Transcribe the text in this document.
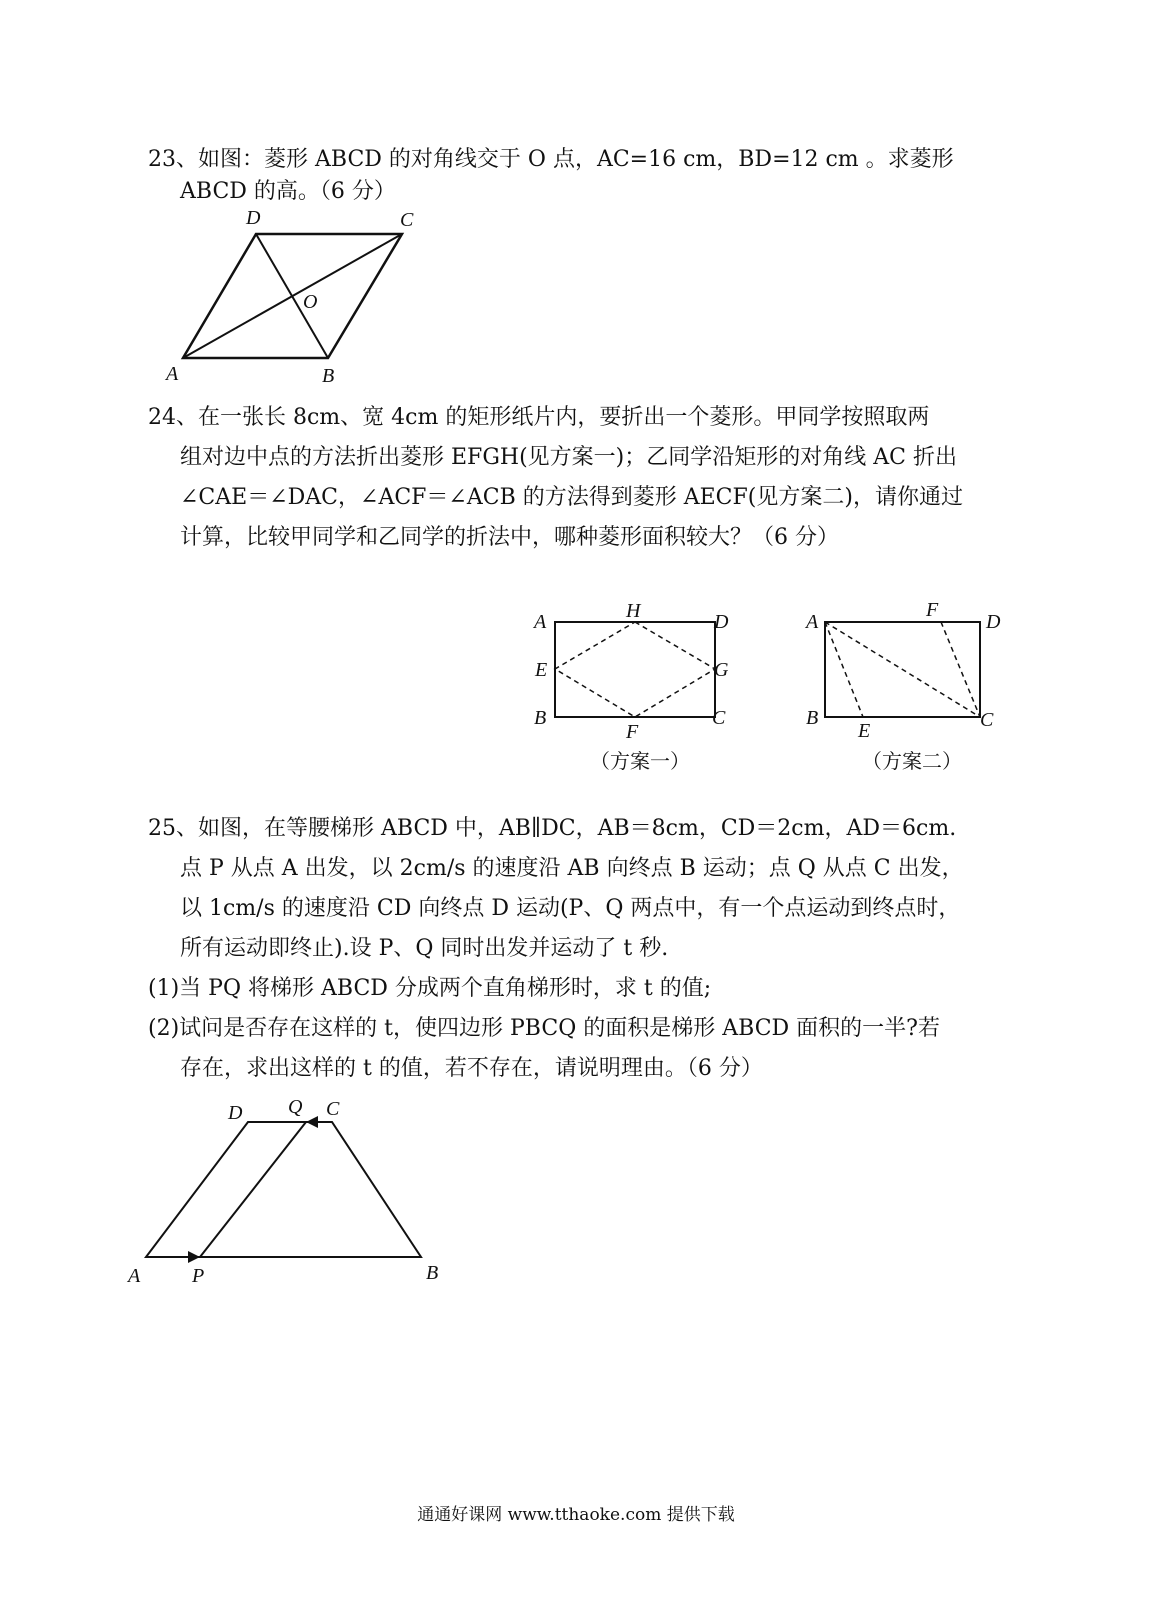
23、如图：菱形 ABCD 的对角线交于 O 点，AC=16 cm，BD=12 cm 。求菱形
ABCD 的高。（6 分）
A	B
C
D
O
24、在一张长 8cm、宽 4cm 的矩形纸片内，要折出一个菱形。甲同学按照取两
组对边中点的方法折出菱形 EFGH(见方案一)；乙同学沿矩形的对角线 AC 折出
∠CAE＝∠DAC，∠ACF＝∠ACB 的方法得到菱形 AECF(见方案二)，请你通过
计算，比较甲同学和乙同学的折法中，哪种菱形面积较大？（6 分）
A
B	C
D
E
F
G
H
（方案一）
A
B	C
D
E
F
（方案二）
25、如图，在等腰梯形 ABCD 中，AB∥DC，AB＝8cm，CD＝2cm，AD＝6cm.
点 P 从点 A 出发，以 2cm/s 的速度沿 AB 向终点 B 运动；点 Q 从点 C 出发，
以 1cm/s 的速度沿 CD 向终点 D 运动(P、Q 两点中，有一个点运动到终点时，
所有运动即终止).设 P、Q 同时出发并运动了 t 秒.
(1)当 PQ 将梯形 ABCD 分成两个直角梯形时，求 t 的值;
(2)试问是否存在这样的 t，使四边形 PBCQ 的面积是梯形 ABCD 面积的一半?若
存在，求出这样的 t 的值，若不存在，请说明理由。（6 分）
A	P	B
C
D Q
通通好课网 www.tthaoke.com 提供下载
